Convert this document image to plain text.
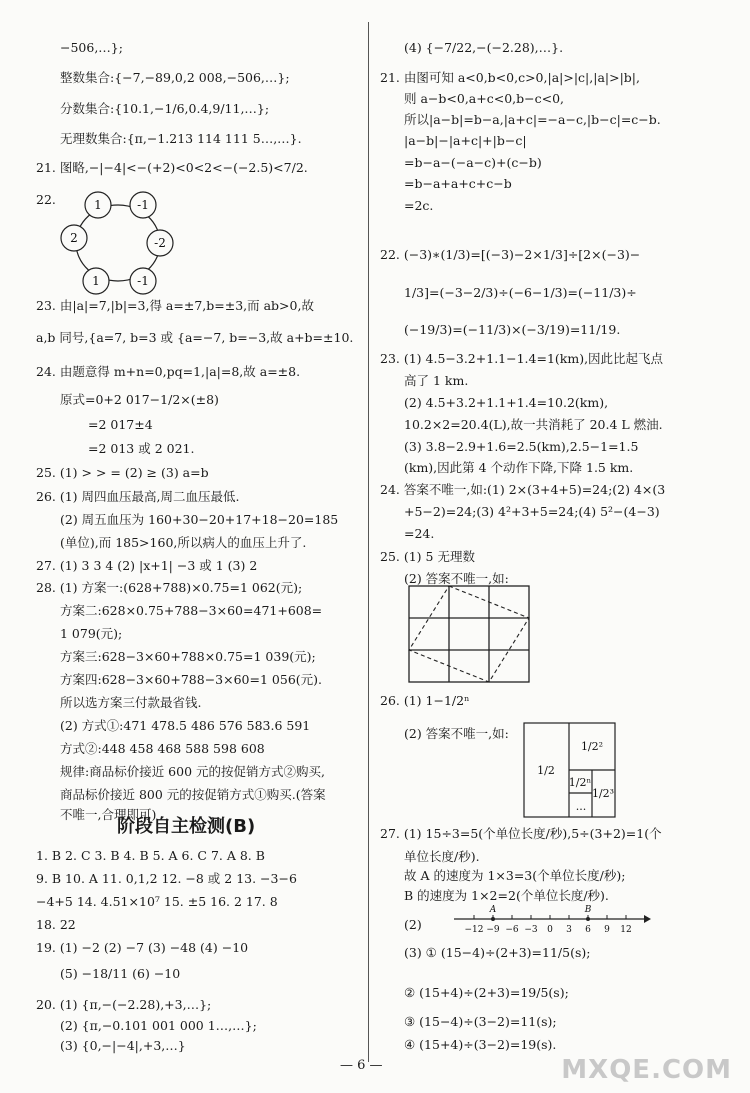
−506,…};
整数集合:{−7,−89,0,2 008,−506,…};
分数集合:{10.1,−1/6,0.4,9/11,…};
无理数集合:{π,−1.213 114 111 5…,…}.
21. 图略,−|−4|<−(+2)<0<2<−(−2.5)<7/2.
22.	1	-1
-2
-1
1
2
23. 由|a|=7,|b|=3,得 a=±7,b=±3,而 ab>0,故
a,b 同号,{a=7, b=3 或 {a=−7, b=−3,故 a+b=±10.
24. 由题意得 m+n=0,pq=1,|a|=8,故 a=±8.
原式=0+2 017−1/2×(±8)
=2 017±4
=2 013 或 2 021.
25. (1) > > = (2) ≥ (3) a=b
26. (1) 周四血压最高,周二血压最低.
(2) 周五血压为 160+30−20+17+18−20=185
(单位),而 185>160,所以病人的血压上升了.
27. (1) 3 3 4 (2) |x+1| −3 或 1 (3) 2
28. (1) 方案一:(628+788)×0.75=1 062(元);
方案二:628×0.75+788−3×60=471+608=
1 079(元);
方案三:628−3×60+788×0.75=1 039(元);
方案四:628−3×60+788−3×60=1 056(元).
所以选方案三付款最省钱.
(2) 方式①:471 478.5 486 576 583.6 591
方式②:448 458 468 588 598 608
规律:商品标价接近 600 元的按促销方式②购买,
商品标价接近 800 元的按促销方式①购买.(答案
不唯一,合理即可)
阶段自主检测(B)
1. B 2. C 3. B 4. B 5. A 6. C 7. A 8. B
9. B 10. A 11. 0,1,2 12. −8 或 2 13. −3−6
−4+5 14. 4.51×10⁷ 15. ±5 16. 2 17. 8
18. 22
19. (1) −2 (2) −7 (3) −48 (4) −10
(5) −18/11 (6) −10
20. (1) {π,−(−2.28),+3,…};
(2) {π,−0.101 001 000 1…,…};
(3) {0,−|−4|,+3,…}
(4) {−7/22,−(−2.28),…}.
21. 由图可知 a<0,b<0,c>0,|a|>|c|,|a|>|b|,
则 a−b<0,a+c<0,b−c<0,
所以|a−b|=b−a,|a+c|=−a−c,|b−c|=c−b.
|a−b|−|a+c|+|b−c|
=b−a−(−a−c)+(c−b)
=b−a+a+c+c−b
=2c.
22. (−3)∗(1/3)=[(−3)−2×1/3]÷[2×(−3)−
1/3]=(−3−2/3)÷(−6−1/3)=(−11/3)÷
(−19/3)=(−11/3)×(−3/19)=11/19.
23. (1) 4.5−3.2+1.1−1.4=1(km),因此比起飞点
高了 1 km.
(2) 4.5+3.2+1.1+1.4=10.2(km),
10.2×2=20.4(L),故一共消耗了 20.4 L 燃油.
(3) 3.8−2.9+1.6=2.5(km),2.5−1=1.5
(km),因此第 4 个动作下降,下降 1.5 km.
24. 答案不唯一,如:(1) 2×(3+4+5)=24;(2) 4×(3
+5−2)=24;(3) 4²+3+5=24;(4) 5²−(4−3)
=24.
25. (1) 5 无理数
(2) 答案不唯一,如:
26. (1) 1−1/2ⁿ
(2) 答案不唯一,如:
1/2
1/2²
1/2³
1/2ⁿ
...
27. (1) 15÷3=5(个单位长度/秒),5÷(3+2)=1(个
单位长度/秒).
故 A 的速度为 1×3=3(个单位长度/秒);
B 的速度为 1×2=2(个单位长度/秒).
(2)
A	B
−12 −9 −6 −3 0 3 6 9 12
(3) ① (15−4)÷(2+3)=11/5(s);
② (15+4)÷(2+3)=19/5(s);
③ (15−4)÷(3−2)=11(s);
④ (15+4)÷(3−2)=19(s).
— 6 —	MXQE.COM
